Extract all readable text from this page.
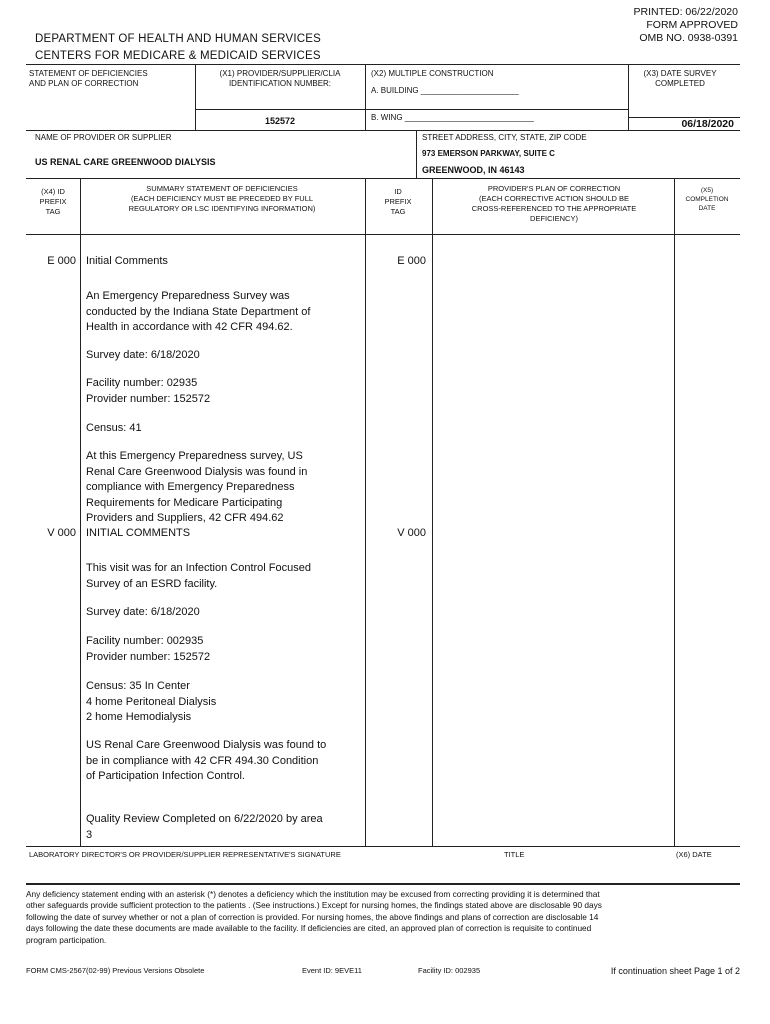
PRINTED: 06/22/2020
FORM APPROVED
OMB NO. 0938-0391
DEPARTMENT OF HEALTH AND HUMAN SERVICES
CENTERS FOR MEDICARE & MEDICAID SERVICES
STATEMENT OF DEFICIENCIES
AND PLAN OF CORRECTION
(X1) PROVIDER/SUPPLIER/CLIA
IDENTIFICATION NUMBER:
152572
(X2) MULTIPLE CONSTRUCTION
A. BUILDING ______________________
B. WING _____________________________
(X3) DATE SURVEY
COMPLETED
06/18/2020
NAME OF PROVIDER OR SUPPLIER
US RENAL CARE GREENWOOD DIALYSIS
STREET ADDRESS, CITY, STATE, ZIP CODE
973 EMERSON PARKWAY, SUITE C
GREENWOOD, IN 46143
(X4) ID
PREFIX
TAG
SUMMARY STATEMENT OF DEFICIENCIES
(EACH DEFICIENCY MUST BE PRECEDED BY FULL
REGULATORY OR LSC IDENTIFYING INFORMATION)
ID
PREFIX
TAG
PROVIDER'S PLAN OF CORRECTION
(EACH CORRECTIVE ACTION SHOULD BE
CROSS-REFERENCED TO THE APPROPRIATE
DEFICIENCY)
(X5)
COMPLETION
DATE
E 000 Initial Comments	E 000
An Emergency Preparedness Survey was
conducted by the Indiana State Department of
Health in accordance with 42 CFR 494.62.
Survey date: 6/18/2020
Facility number: 02935
Provider number: 152572
Census: 41
At this Emergency Preparedness survey, US
Renal Care Greenwood Dialysis was found in
compliance with Emergency Preparedness
Requirements for Medicare Participating
Providers and Suppliers, 42 CFR 494.62
V 000 INITIAL COMMENTS	V 000
This visit was for an Infection Control Focused
Survey of an ESRD facility.
Survey date: 6/18/2020
Facility number: 002935
Provider number: 152572
Census: 35 In Center
4 home Peritoneal Dialysis
2 home Hemodialysis
US Renal Care Greenwood Dialysis was found to
be in compliance with 42 CFR 494.30 Condition
of Participation Infection Control.
Quality Review Completed on 6/22/2020 by area
3
LABORATORY DIRECTOR'S OR PROVIDER/SUPPLIER REPRESENTATIVE'S SIGNATURE	TITLE	(X6) DATE
Any deficiency statement ending with an asterisk (*) denotes a deficiency which the institution may be excused from correcting providing it is determined that
other safeguards provide sufficient protection to the patients . (See instructions.) Except for nursing homes, the findings stated above are disclosable 90 days
following the date of survey whether or not a plan of correction is provided. For nursing homes, the above findings and plans of correction are disclosable 14
days following the date these documents are made available to the facility. If deficiencies are cited, an approved plan of correction is requisite to continued
program participation.
FORM CMS-2567(02-99) Previous Versions Obsolete	Event ID: 9EVE11	Facility ID: 002935	If continuation sheet Page 1 of 2
